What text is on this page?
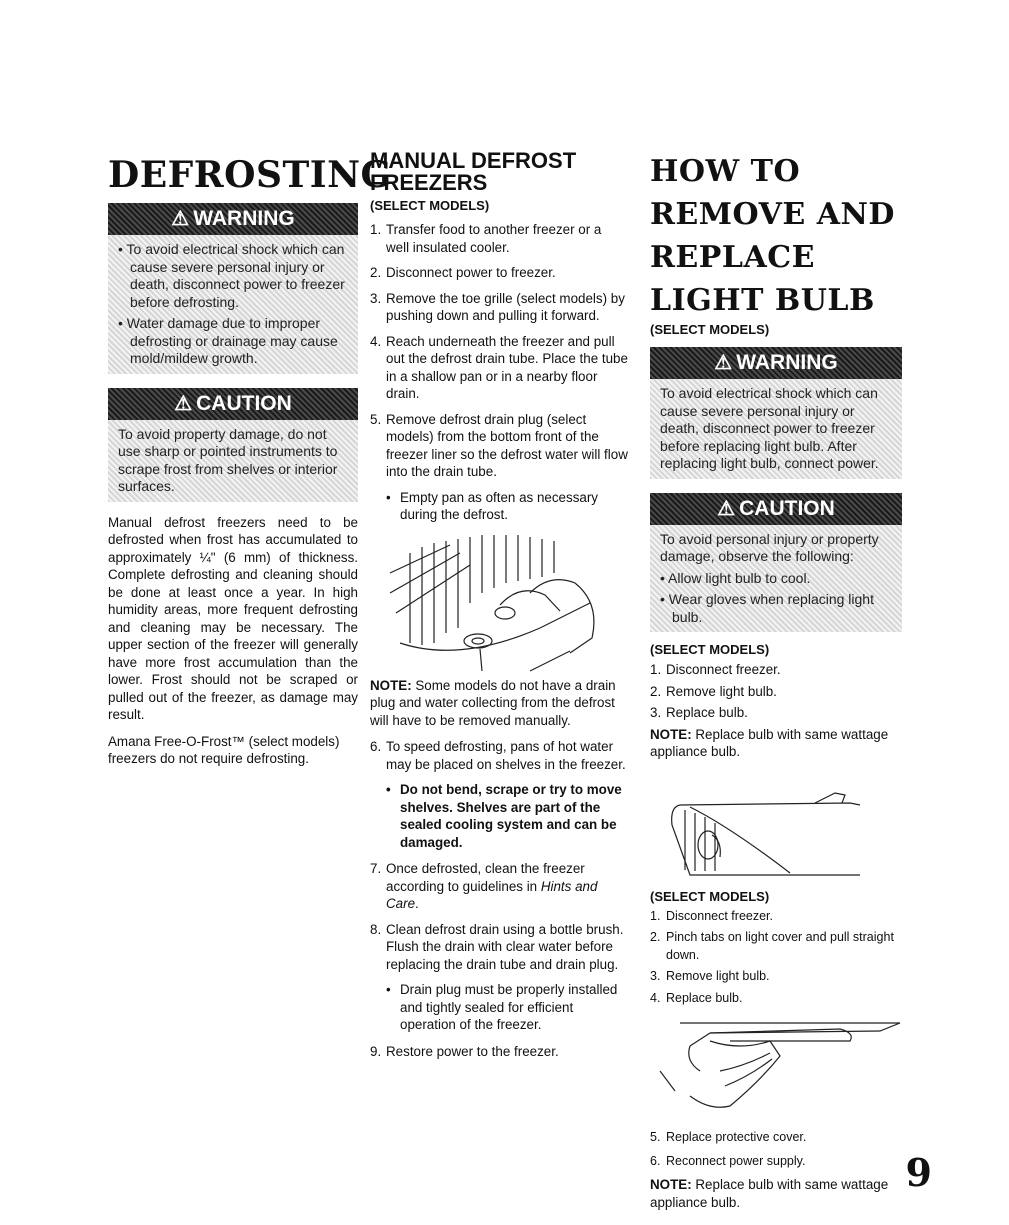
DEFROSTING
⚠ WARNING
• To avoid electrical shock which can cause severe personal injury or death, disconnect power to freezer before defrosting.
• Water damage due to improper defrosting or drainage may cause mold/mildew growth.
⚠ CAUTION
To avoid property damage, do not use sharp or pointed instruments to scrape frost from shelves or interior surfaces.

Manual defrost freezers need to be defrosted when frost has accumulated to approximately ¼" (6 mm) of thickness. Complete defrosting and cleaning should be done at least once a year. In high humidity areas, more frequent defrosting and cleaning may be necessary. The upper section of the freezer will generally have more frost accumulation than the lower. Frost should not be scraped or pulled out of the freezer, as damage may result.

Amana Free-O-Frost™ (select models) freezers do not require defrosting.

MANUAL DEFROST FREEZERS
(SELECT MODELS)
1. Transfer food to another freezer or a well insulated cooler.
2. Disconnect power to freezer.
3. Remove the toe grille (select models) by pushing down and pulling it forward.
4. Reach underneath the freezer and pull out the defrost drain tube. Place the tube in a shallow pan or in a nearby floor drain.
5. Remove defrost drain plug (select models) from the bottom front of the freezer liner so the defrost water will flow into the drain tube.
• Empty pan as often as necessary during the defrost.

NOTE: Some models do not have a drain plug and water collecting from the defrost will have to be removed manually.

6. To speed defrosting, pans of hot water may be placed on shelves in the freezer.
• Do not bend, scrape or try to move shelves. Shelves are part of the sealed cooling system and can be damaged.
7. Once defrosted, clean the freezer according to guidelines in Hints and Care.
8. Clean defrost drain using a bottle brush. Flush the drain with clear water before replacing the drain tube and drain plug.
• Drain plug must be properly installed and tightly sealed for efficient operation of the freezer.
9. Restore power to the freezer.
HOW TO REMOVE AND
REPLACE LIGHT BULB
(SELECT MODELS)
⚠ WARNING
To avoid electrical shock which can cause severe personal injury or death, disconnect power to freezer before replacing light bulb. After replacing light bulb, connect power.
⚠ CAUTION
To avoid personal injury or property damage, observe the following:
• Allow light bulb to cool.
• Wear gloves when replacing light bulb.
(SELECT MODELS)
1. Disconnect freezer.
2. Remove light bulb.
3. Replace bulb.

NOTE: Replace bulb with same wattage appliance bulb.

(SELECT MODELS)
1. Disconnect freezer.
2. Pinch tabs on light cover and pull straight down.
3. Remove light bulb.
4. Replace bulb.
5. Replace protective cover.
6. Reconnect power supply.

NOTE: Replace bulb with same wattage appliance bulb.

9
